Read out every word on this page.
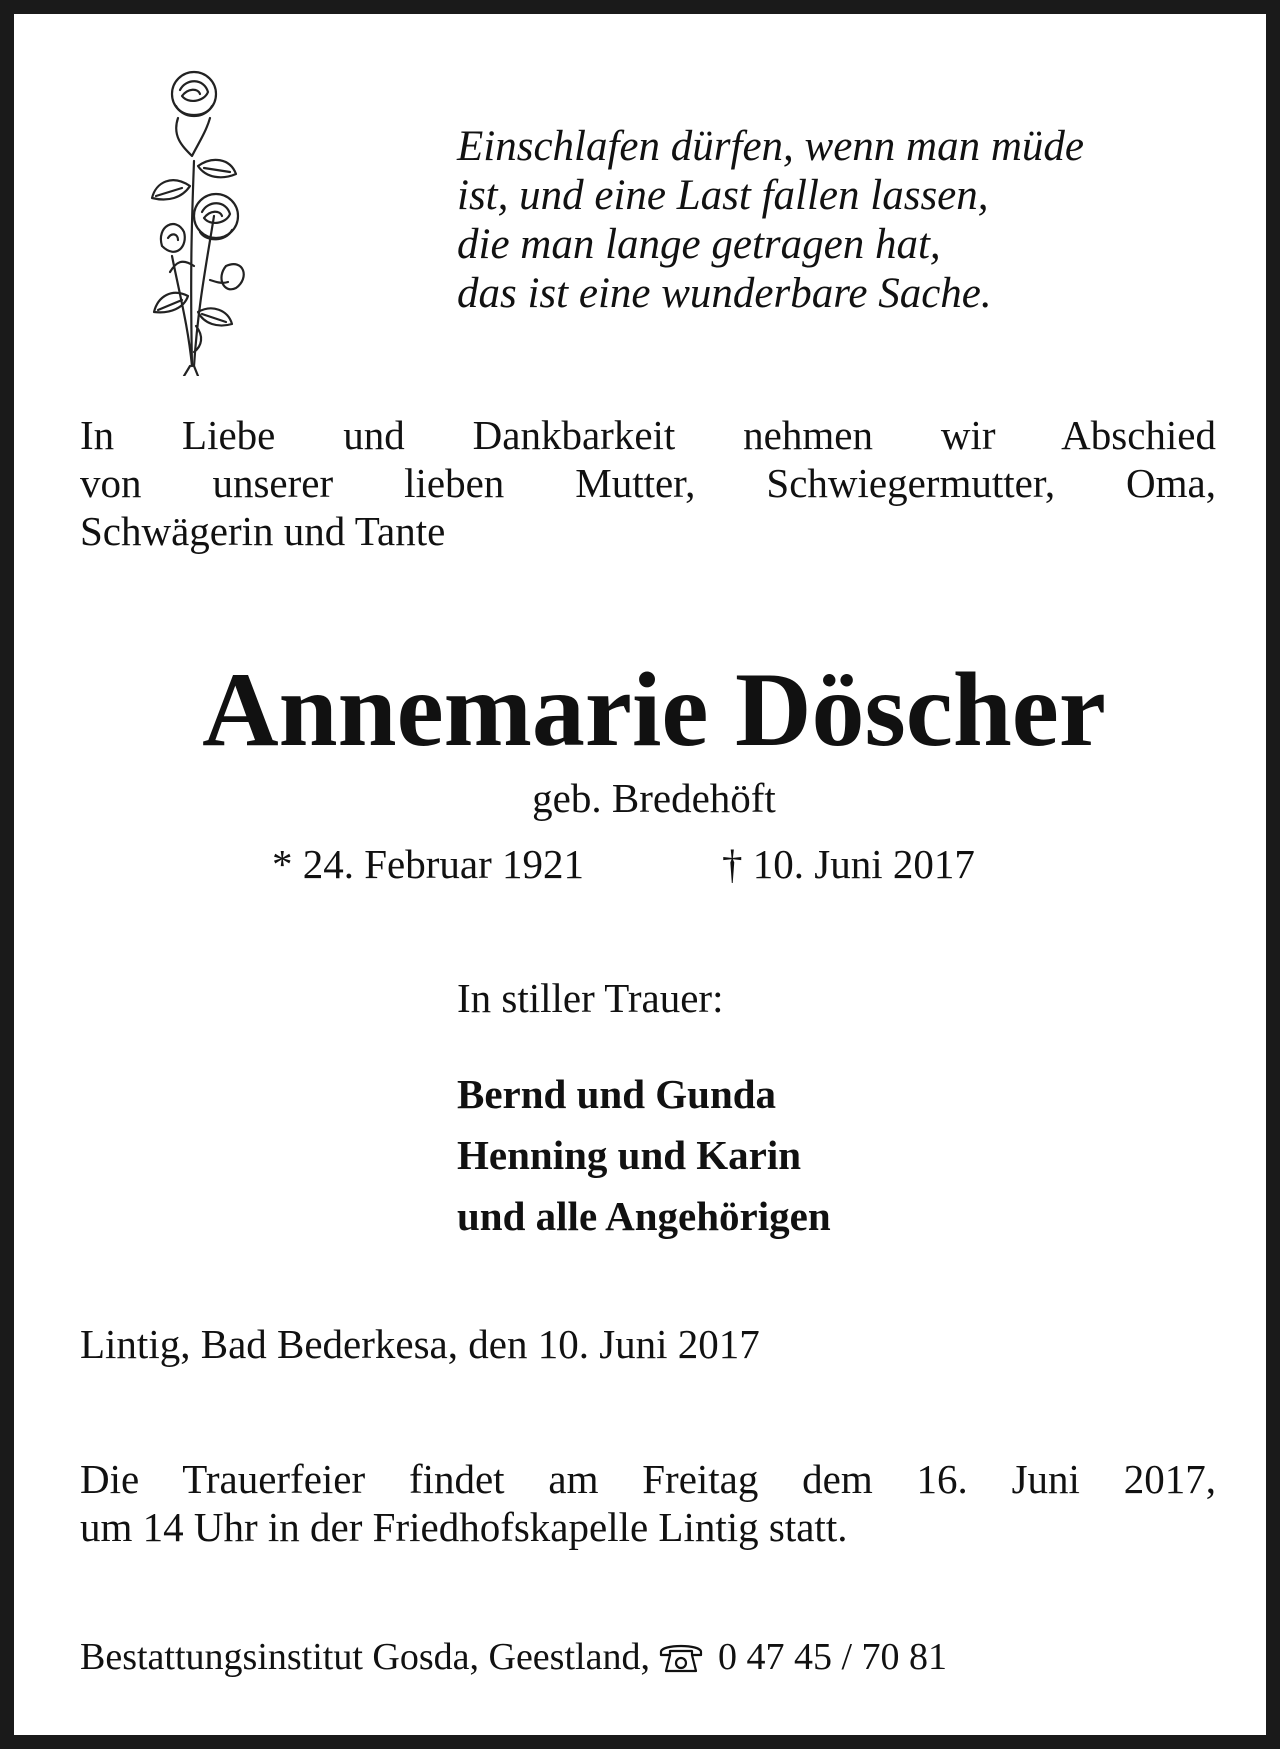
Einschlafen dürfen, wenn man müde
ist, und eine Last fallen lassen,
die man lange getragen hat,
das ist eine wunderbare Sache.
In Liebe und Dankbarkeit nehmen wir Abschied
von unserer lieben Mutter, Schwiegermutter, Oma,
Schwägerin und Tante
Annemarie Döscher
geb. Bredehöft
* 24. Februar 1921	† 10. Juni 2017
In stiller Trauer:
Bernd und Gunda
Henning und Karin
und alle Angehörigen
Lintig, Bad Bederkesa, den 10. Juni 2017
Die Trauerfeier findet am Freitag dem 16. Juni 2017,
um 14 Uhr in der Friedhofskapelle Lintig statt.
Bestattungsinstitut Gosda, Geestland, 0 47 45 / 70 81
